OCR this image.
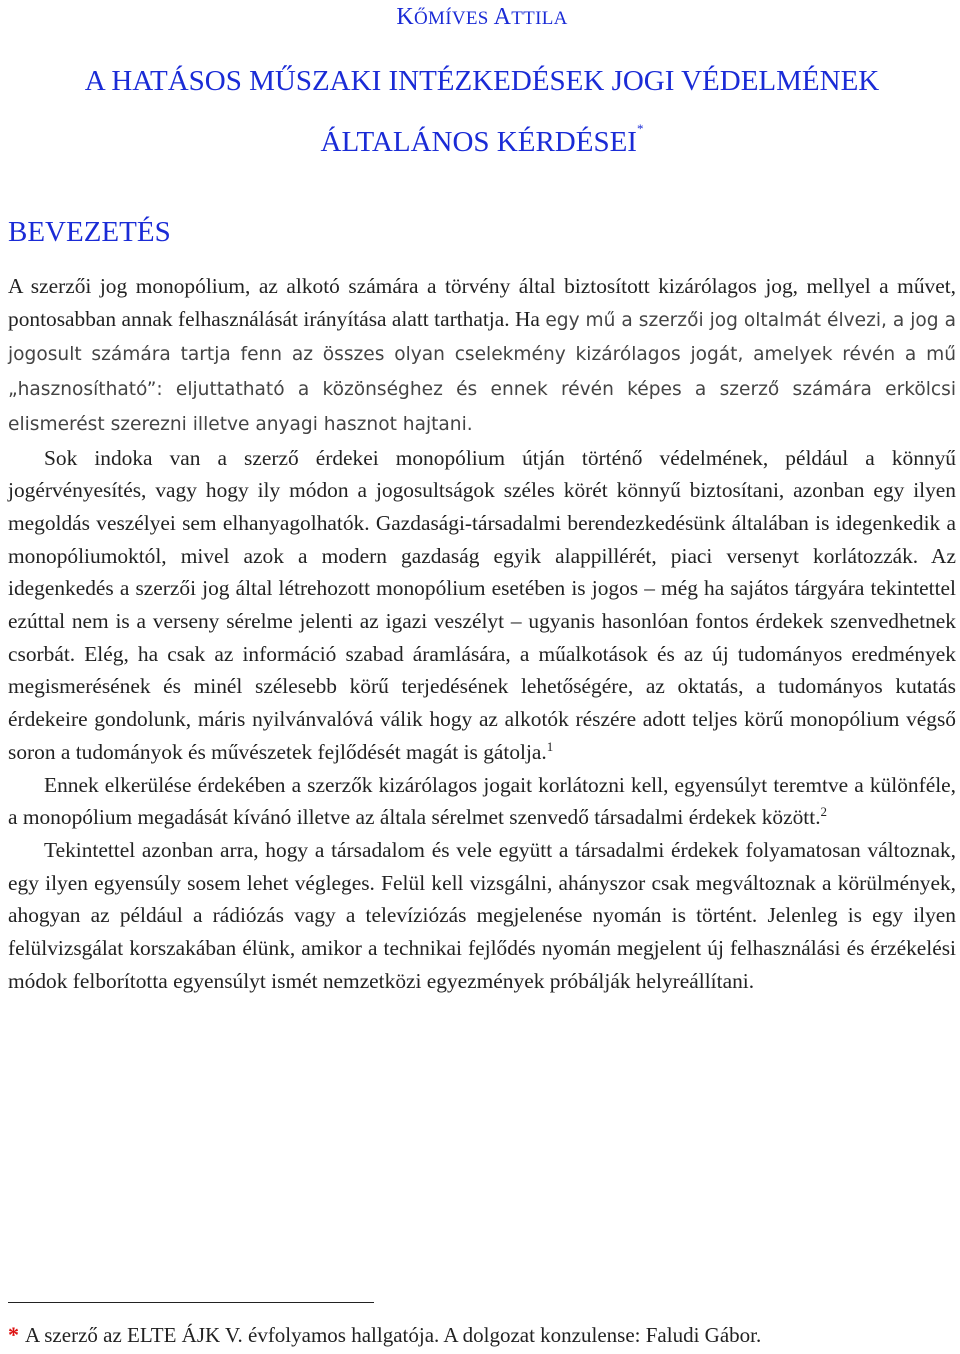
KŐMÍVES ATTILA
A HATÁSOS MŰSZAKI INTÉZKEDÉSEK JOGI VÉDELMÉNEK
ÁLTALÁNOS KÉRDÉSEI*
BEVEZETÉS

A szerzői jog monopólium, az alkotó számára a törvény által biztosított kizárólagos jog, mellyel a művet, pontosabban annak felhasználását irányítása alatt tarthatja. Ha egy mű a szerzői jog oltalmát élvezi, a jog a jogosult számára tartja fenn az összes olyan cselekmény kizárólagos jogát, amelyek révén a mű „hasznosítható”: eljuttatható a közönséghez és ennek révén képes a szerző számára erkölcsi elismerést szerezni illetve anyagi hasznot hajtani.

Sok indoka van a szerző érdekei monopólium útján történő védelmének, például a könnyű jogérvényesítés, vagy hogy ily módon a jogosultságok széles körét könnyű biztosítani, azonban egy ilyen megoldás veszélyei sem elhanyagolhatók. Gazdasági-társadalmi berendezkedésünk általában is idegenkedik a monopóliumoktól, mivel azok a modern gazdaság egyik alappillérét, piaci versenyt korlátozzák. Az idegenkedés a szerzői jog által létrehozott monopólium esetében is jogos – még ha sajátos tárgyára tekintettel ezúttal nem is a verseny sérelme jelenti az igazi veszélyt – ugyanis hasonlóan fontos érdekek szenvedhetnek csorbát. Elég, ha csak az információ szabad áramlására, a műalkotások és az új tudományos eredmények megismerésének és minél szélesebb körű terjedésének lehetőségére, az oktatás, a tudományos kutatás érdekeire gondolunk, máris nyilvánvalóvá válik hogy az alkotók részére adott teljes körű monopólium végső soron a tudományok és művészetek fejlődését magát is gátolja.$^1$

Ennek elkerülése érdekében a szerzők kizárólagos jogait korlátozni kell, egyensúlyt teremtve a különféle, a monopólium megadását kívánó illetve az általa sérelmet szenvedő társadalmi érdekek között.$^2$

Tekintettel azonban arra, hogy a társadalom és vele együtt a társadalmi érdekek folyamatosan változnak, egy ilyen egyensúly sosem lehet végleges. Felül kell vizsgálni, ahányszor csak megváltoznak a körülmények, ahogyan az például a rádiózás vagy a televíziózás megjelenése nyomán is történt. Jelenleg is egy ilyen felülvizsgálat korszakában élünk, amikor a technikai fejlődés nyomán megjelent új felhasználási és érzékelési módok felborította egyensúlyt ismét nemzetközi egyezmények próbálják helyreállítani.

* A szerző az ELTE ÁJK V. évfolyamos hallgatója. A dolgozat konzulense: Faludi Gábor.
